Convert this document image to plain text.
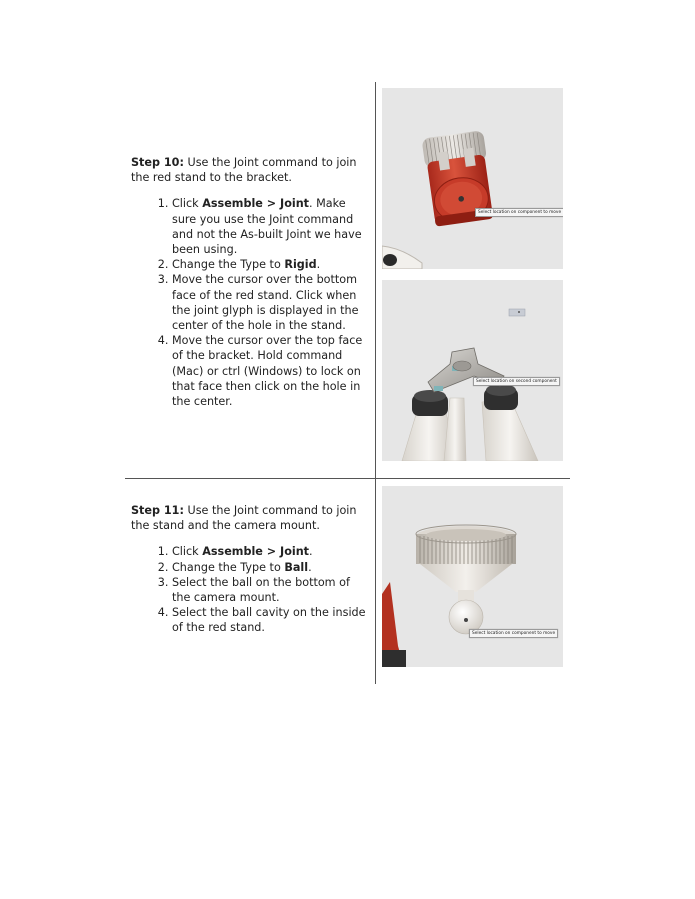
Step 10: Use the Joint command to join the red stand to the bracket.
1. Click Assemble > Joint. Make sure you use the Joint command and not the As-built Joint we have been using.
2. Change the Type to Rigid.
3. Move the cursor over the bottom face of the red stand. Click when the joint glyph is displayed in the center of the hole in the stand.
4. Move the cursor over the top face of the bracket. Hold command (Mac) or ctrl (Windows) to lock on that face then click on the hole in the center.
Step 11: Use the Joint command to join the stand and the camera mount.
1. Click Assemble > Joint.
2. Change the Type to Ball.
3. Select the ball on the bottom of the camera mount.
4. Select the ball cavity on the inside of the red stand.
Select location on component to move
Select location on second component
Select location on component to move
